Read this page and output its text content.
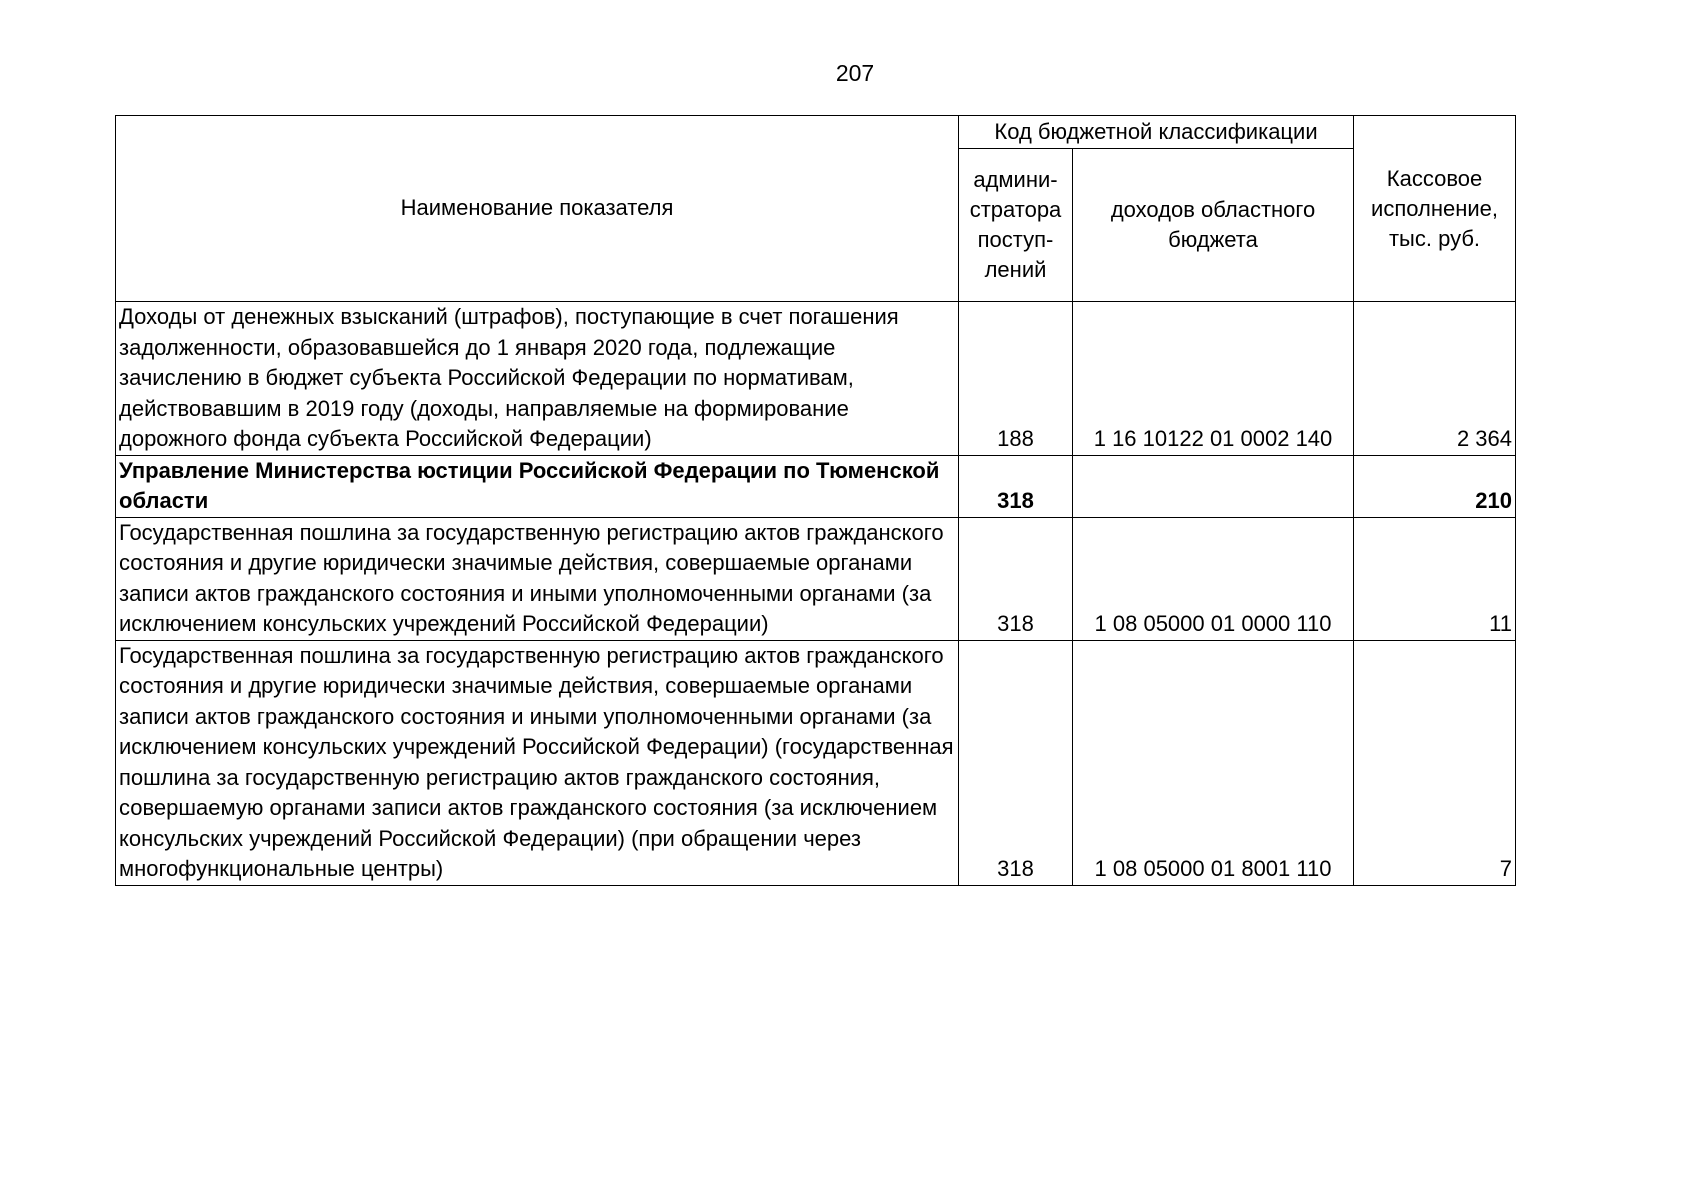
207
Наименование показателя	Код бюджетной классификации		Кассовое исполнение, тыс. руб.
	админи-стратора поступ-лений	доходов областного бюджета	
Доходы от денежных взысканий (штрафов), поступающие в счет погашения задолженности, образовавшейся до 1 января 2020 года, подлежащие зачислению в бюджет субъекта Российской Федерации по нормативам, действовавшим в 2019 году (доходы, направляемые на формирование дорожного фонда субъекта Российской Федерации)	188	1 16 10122 01 0002 140	2 364
Управление Министерства юстиции Российской Федерации по Тюменской области	318		210
Государственная пошлина за государственную регистрацию актов гражданского состояния и другие юридически значимые действия, совершаемые органами записи актов гражданского состояния и иными уполномоченными органами (за исключением консульских учреждений Российской Федерации)	318	1 08 05000 01 0000 110	11
Государственная пошлина за государственную регистрацию актов гражданского состояния и другие юридически значимые действия, совершаемые органами записи актов гражданского состояния и иными уполномоченными органами (за исключением консульских учреждений Российской Федерации) (государственная пошлина за государственную регистрацию актов гражданского состояния, совершаемую органами записи актов гражданского состояния (за исключением консульских учреждений Российской Федерации) (при обращении через многофункциональные центры)	318	1 08 05000 01 8001 110	7
